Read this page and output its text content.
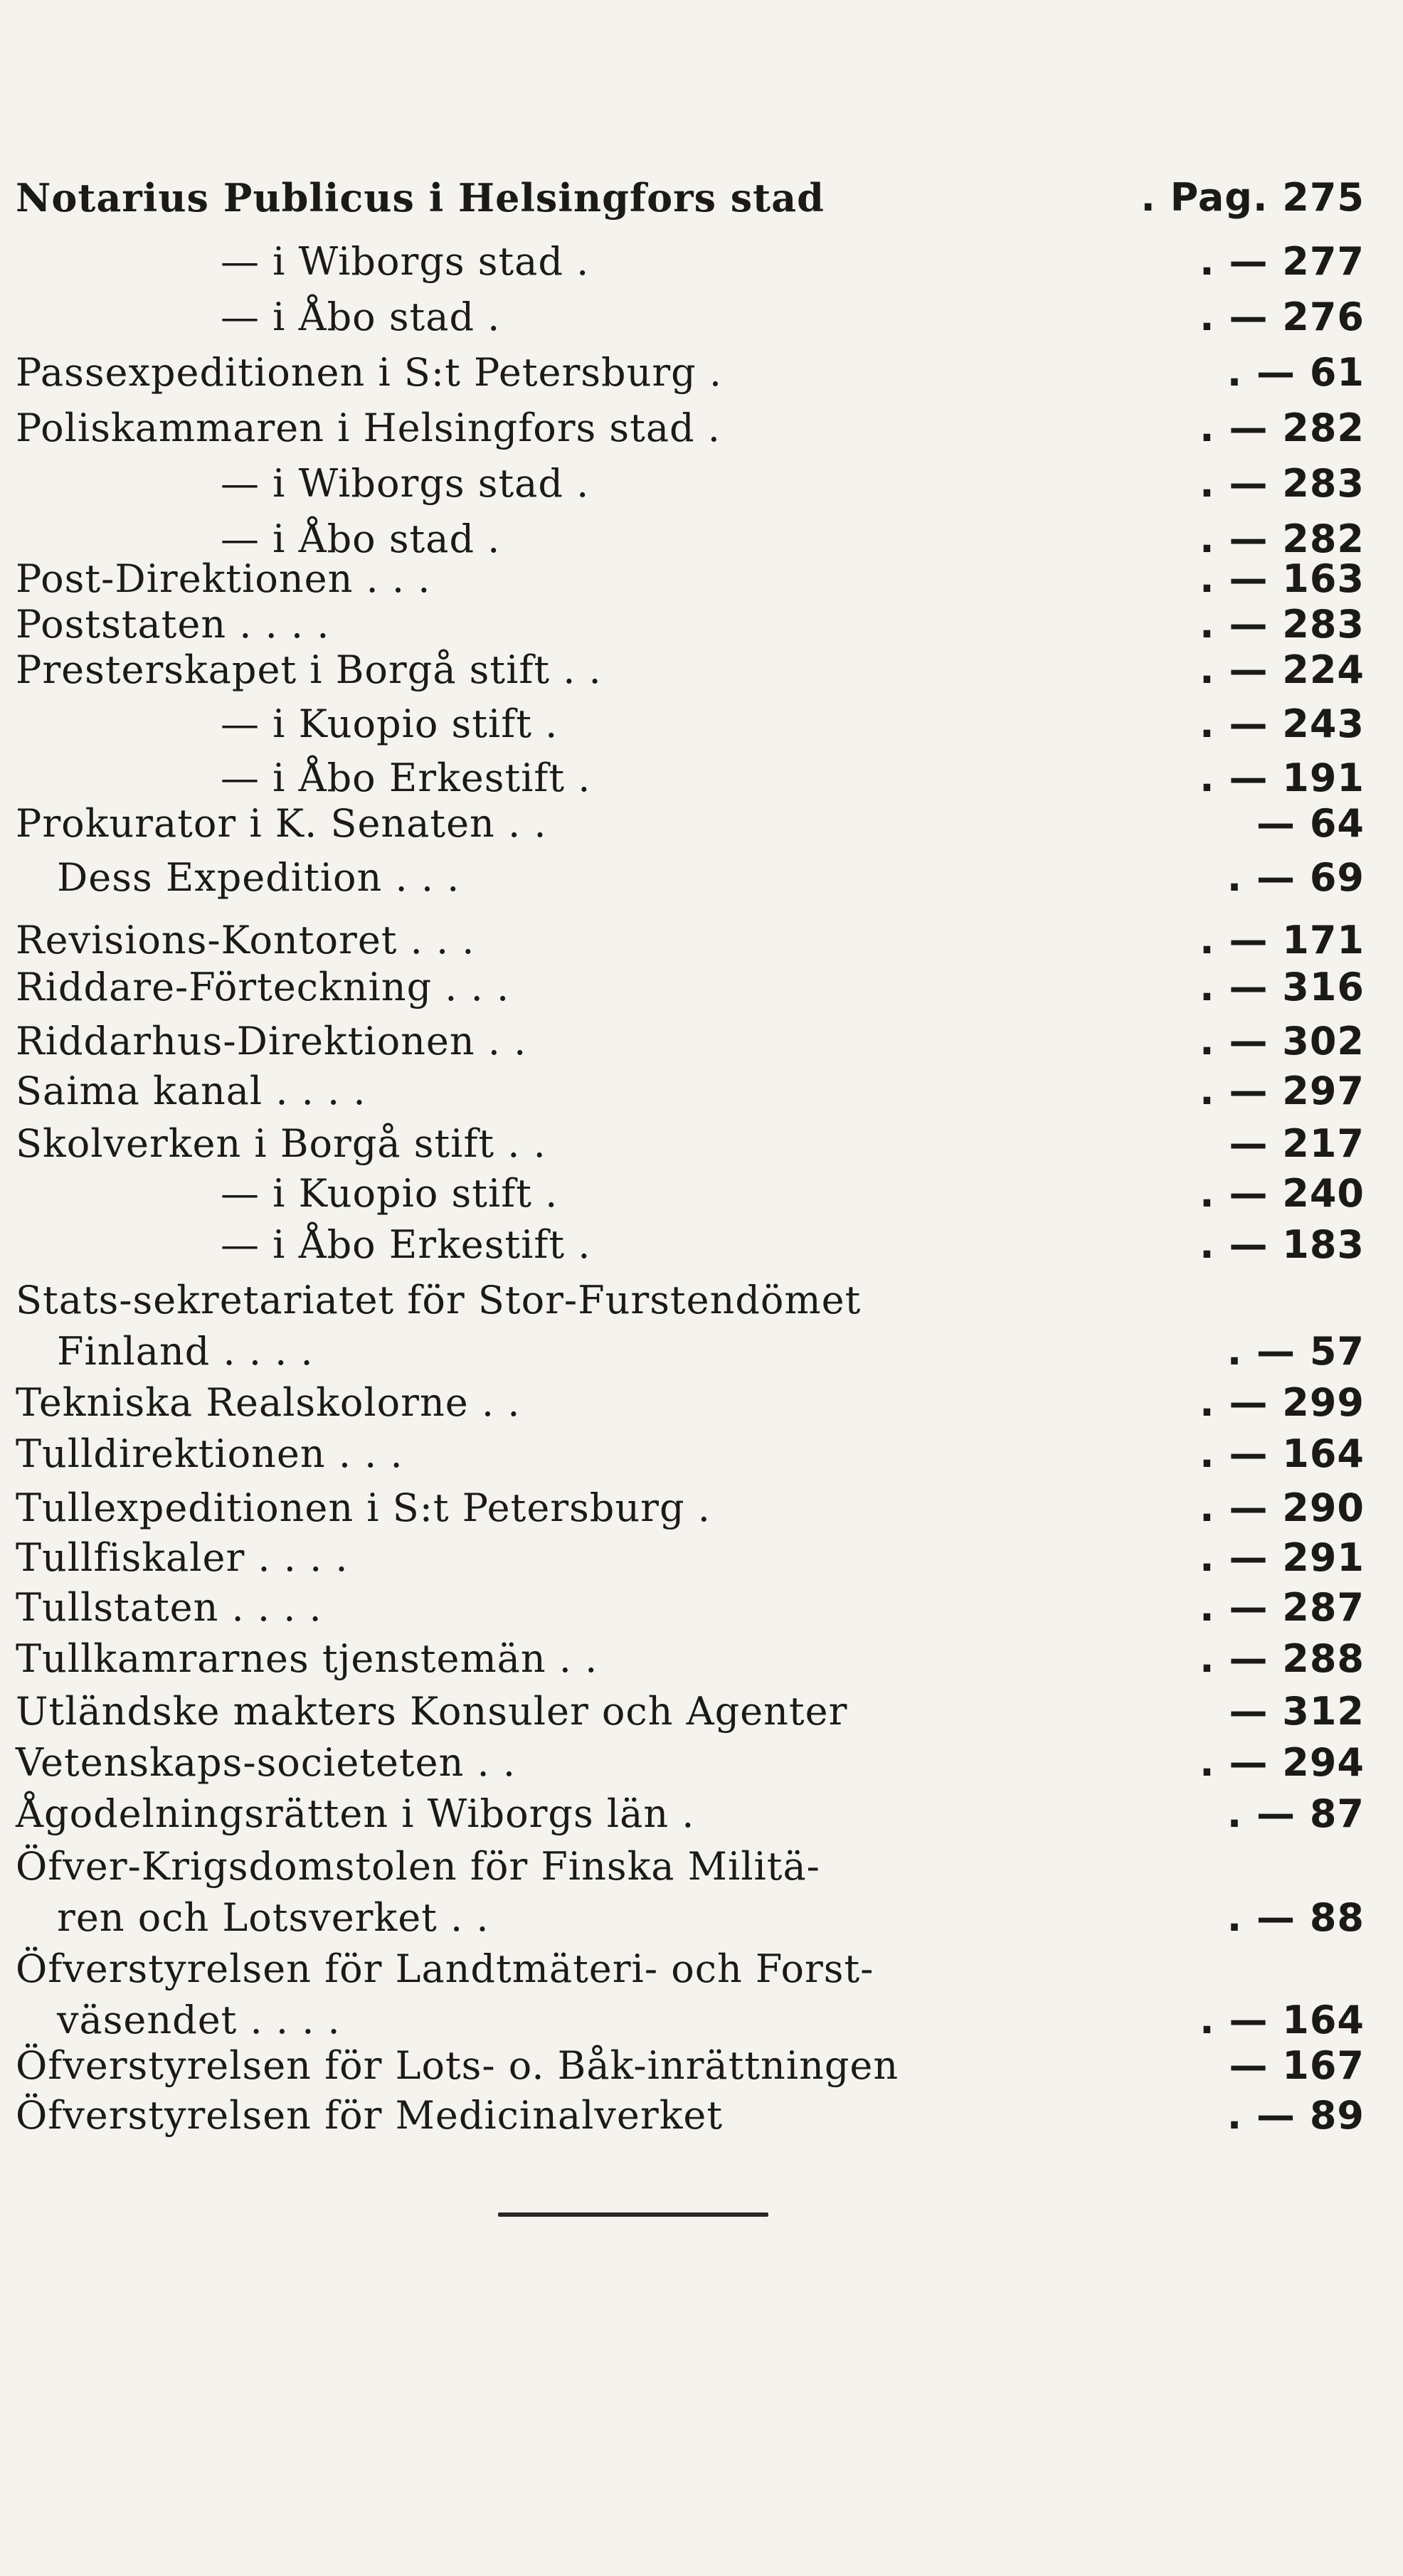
Notarius Publicus i Helsingfors stad	. Pag. 275
— i Wiborgs stad .	. — 277
— i Åbo stad .	. — 276
Passexpeditionen i S:t Petersburg .	. — 61
Poliskammaren i Helsingfors stad .	. — 282
— i Wiborgs stad .	. — 283
— i Åbo stad .	. — 282
Post-Direktionen . . .	. — 163
Poststaten . . . .	. — 283
Presterskapet i Borgå stift . .	. — 224
— i Kuopio stift .	. — 243
— i Åbo Erkestift .	. — 191
Prokurator i K. Senaten . .	— 64
Dess Expedition . . .	. — 69
Revisions-Kontoret . . .	. — 171
Riddare-Förteckning . . .	. — 316
Riddarhus-Direktionen . .	. — 302
Saima kanal . . . .	. — 297
Skolverken i Borgå stift . .	— 217
— i Kuopio stift .	. — 240
— i Åbo Erkestift .	. — 183
Stats-sekretariatet för Stor-Furstendömet
Finland . . . .	. — 57
Tekniska Realskolorne . .	. — 299
Tulldirektionen . . .	. — 164
Tullexpeditionen i S:t Petersburg .	. — 290
Tullfiskaler . . . .	. — 291
Tullstaten . . . .	. — 287
Tullkamrarnes tjenstemän . .	. — 288
Utländske makters Konsuler och Agenter	— 312
Vetenskaps-societeten . .	. — 294
Ågodelningsrätten i Wiborgs län .	. — 87
Öfver-Krigsdomstolen för Finska Militä-
ren och Lotsverket . .	. — 88
Öfverstyrelsen för Landtmäteri- och Forst-
väsendet . . . .	. — 164
Öfverstyrelsen för Lots- o. Båk-inrättningen	— 167
Öfverstyrelsen för Medicinalverket	. — 89
